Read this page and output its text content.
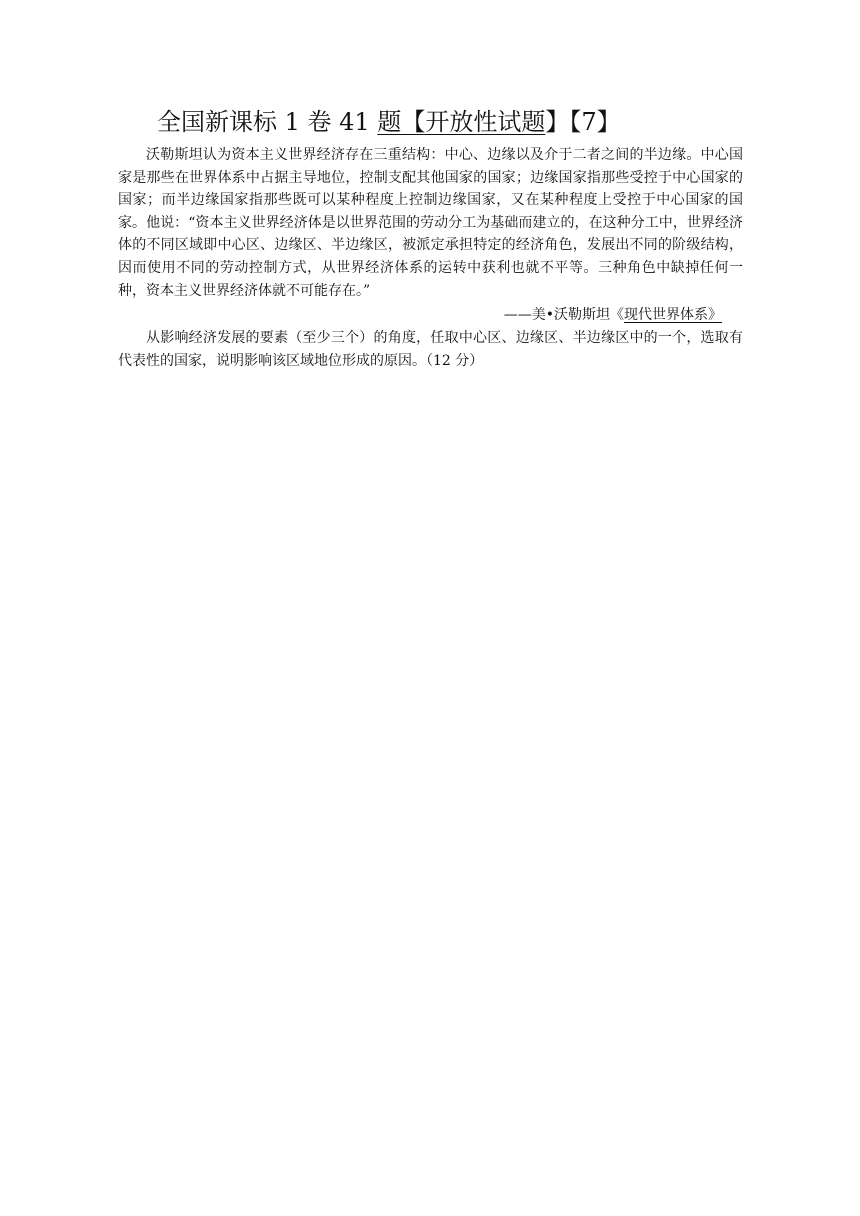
全国新课标 1 卷 41 题【开放性试题】【7】

沃勒斯坦认为资本主义世界经济存在三重结构：中心、边缘以及介于二者之间的半边缘。中心国家是那些在世界体系中占据主导地位，控制支配其他国家的国家；边缘国家指那些受控于中心国家的国家；而半边缘国家指那些既可以某种程度上控制边缘国家，又在某种程度上受控于中心国家的国家。他说：“资本主义世界经济体是以世界范围的劳动分工为基础而建立的，在这种分工中，世界经济体的不同区域即中心区、边缘区、半边缘区，被派定承担特定的经济角色，发展出不同的阶级结构，因而使用不同的劳动控制方式，从世界经济体系的运转中获利也就不平等。三种角色中缺掉任何一种，资本主义世界经济体就不可能存在。”

——美•沃勒斯坦《现代世界体系》

从影响经济发展的要素（至少三个）的角度，任取中心区、边缘区、半边缘区中的一个，选取有代表性的国家，说明影响该区域地位形成的原因。（12 分）
